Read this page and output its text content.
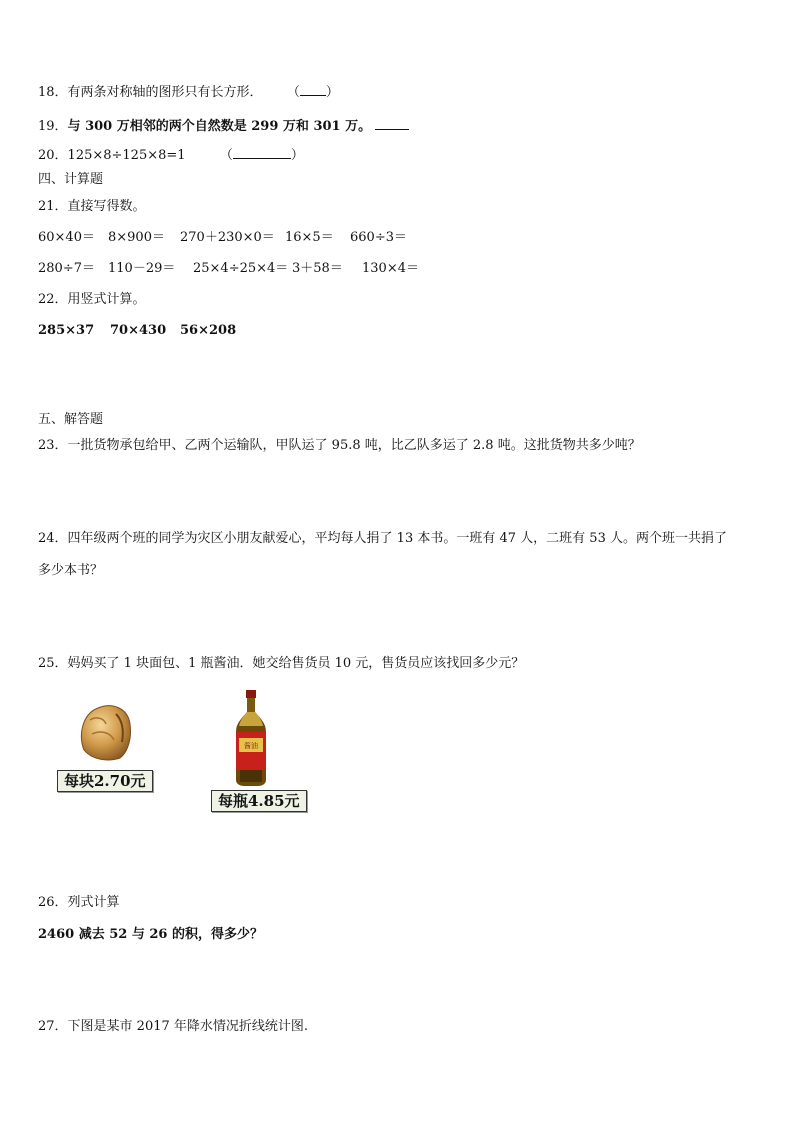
18．有两条对称轴的图形只有长方形． （ ）
19．与 300 万相邻的两个自然数是 299 万和 301 万。
20．125×8÷125×8=1	（	）
四、计算题
21．直接写得数。
60×40＝ 8×900＝ 270＋230×0＝ 16×5＝ 660÷3＝
280÷7＝ 110－29＝ 25×4÷25×4＝ 3＋58＝ 130×4＝
22．用竖式计算。
285×37 70×430 56×208
五、解答题
23．一批货物承包给甲、乙两个运输队，甲队运了 95.8 吨，比乙队多运了 2.8 吨。这批货物共多少吨？
24．四年级两个班的同学为灾区小朋友献爱心，平均每人捐了 13 本书。一班有 47 人，二班有 53 人。两个班一共捐了
多少本书？
25．妈妈买了 1 块面包、1 瓶酱油．她交给售货员 10 元，售货员应该找回多少元？
每块2.70元
酱油
每瓶4.85元
26．列式计算
2460 减去 52 与 26 的积，得多少？
27．下图是某市 2017 年降水情况折线统计图.
